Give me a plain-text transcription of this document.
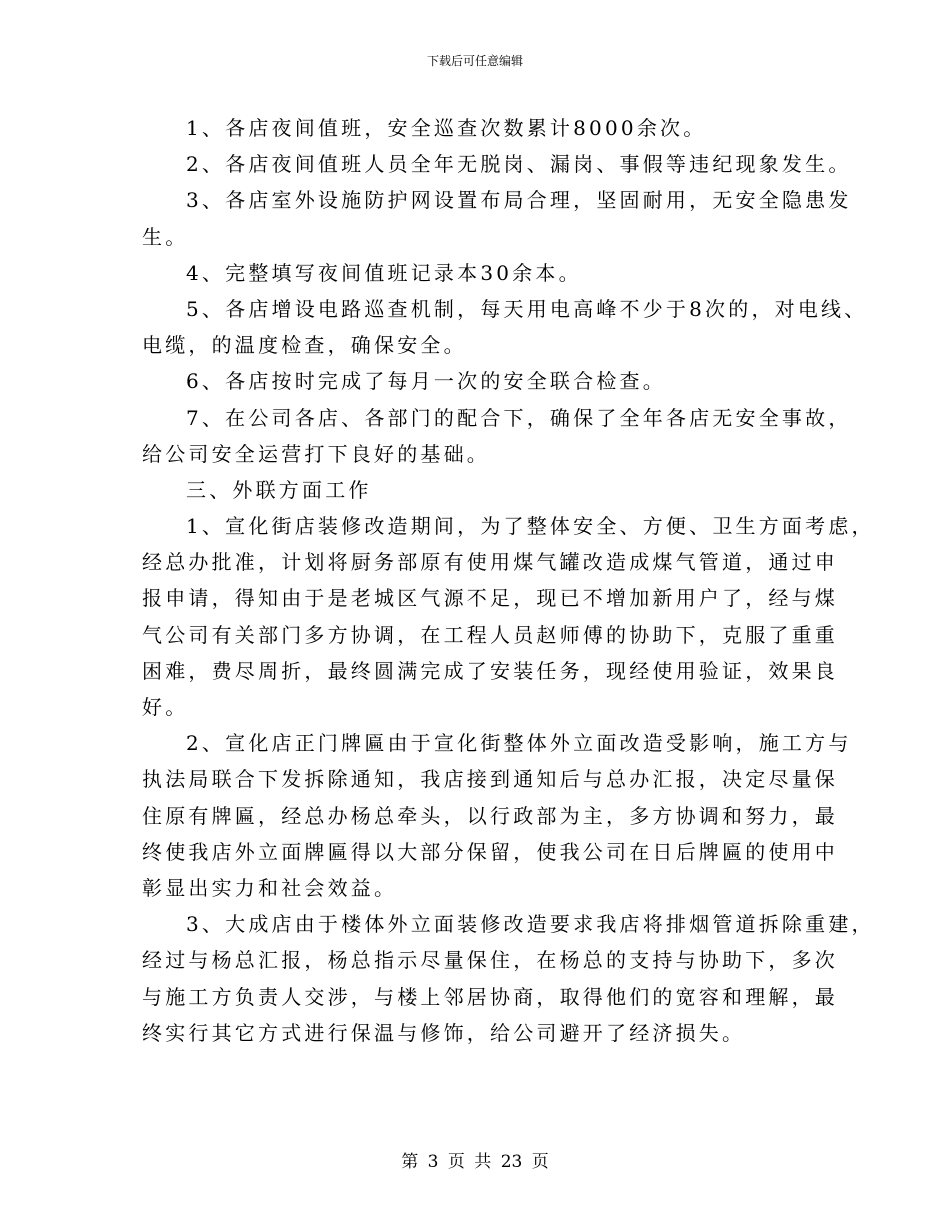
下载后可任意编辑
1、各店夜间值班，安全巡查次数累计8000余次。
2、各店夜间值班人员全年无脱岗、漏岗、事假等违纪现象发生。
3、各店室外设施防护网设置布局合理，坚固耐用，无安全隐患发
生。
4、完整填写夜间值班记录本30余本。
5、各店增设电路巡查机制，每天用电高峰不少于8次的，对电线、
电缆，的温度检查，确保安全。
6、各店按时完成了每月一次的安全联合检查。
7、在公司各店、各部门的配合下，确保了全年各店无安全事故，
给公司安全运营打下良好的基础。
三、外联方面工作
1、宣化街店装修改造期间，为了整体安全、方便、卫生方面考虑，
经总办批准，计划将厨务部原有使用煤气罐改造成煤气管道，通过申
报申请，得知由于是老城区气源不足，现已不增加新用户了，经与煤
气公司有关部门多方协调，在工程人员赵师傅的协助下，克服了重重
困难，费尽周折，最终圆满完成了安装任务，现经使用验证，效果良
好。
2、宣化店正门牌匾由于宣化街整体外立面改造受影响，施工方与
执法局联合下发拆除通知，我店接到通知后与总办汇报，决定尽量保
住原有牌匾，经总办杨总牵头，以行政部为主，多方协调和努力，最
终使我店外立面牌匾得以大部分保留，使我公司在日后牌匾的使用中
彰显出实力和社会效益。
3、大成店由于楼体外立面装修改造要求我店将排烟管道拆除重建，
经过与杨总汇报，杨总指示尽量保住，在杨总的支持与协助下，多次
与施工方负责人交涉，与楼上邻居协商，取得他们的宽容和理解，最
终实行其它方式进行保温与修饰，给公司避开了经济损失。
第 3 页 共 23 页
